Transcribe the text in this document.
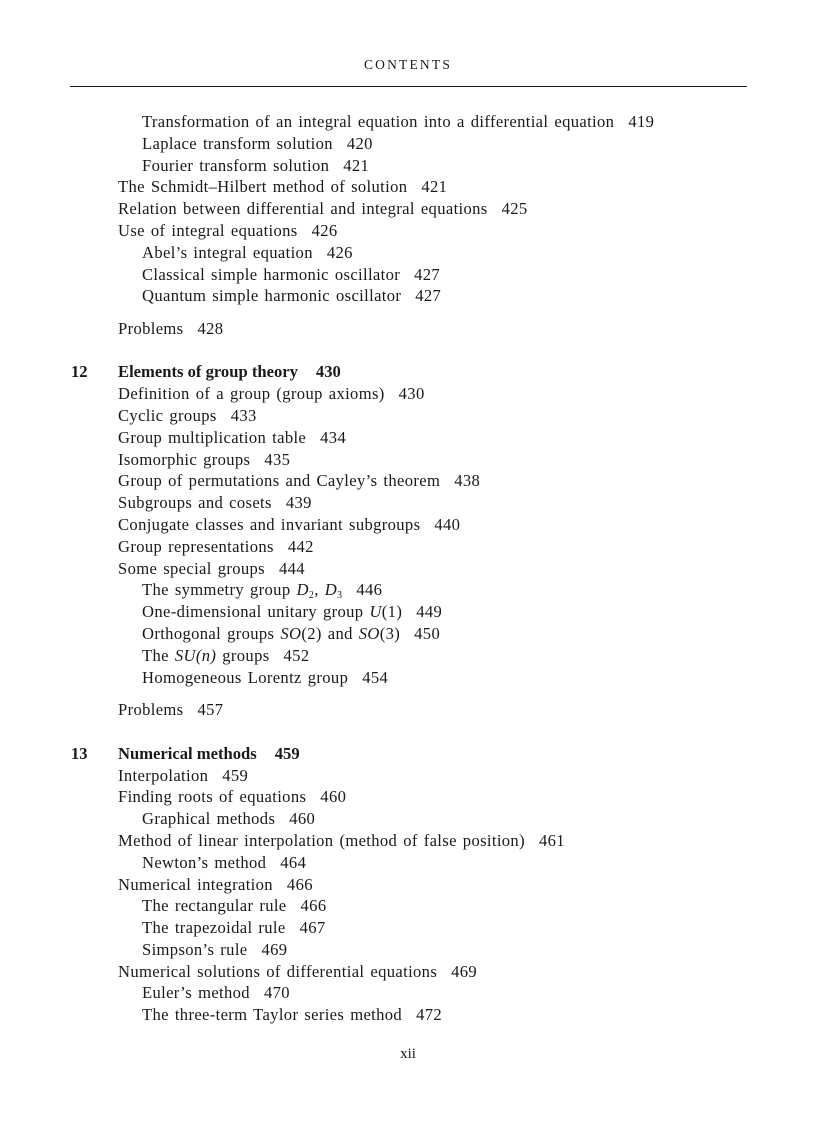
CONTENTS
Transformation of an integral equation into a differential equation 419
Laplace transform solution 420
Fourier transform solution 421
The Schmidt–Hilbert method of solution 421
Relation between differential and integral equations 425
Use of integral equations 426
Abel’s integral equation 426
Classical simple harmonic oscillator 427
Quantum simple harmonic oscillator 427
Problems 428
12 Elements of group theory 430
Definition of a group (group axioms) 430
Cyclic groups 433
Group multiplication table 434
Isomorphic groups 435
Group of permutations and Cayley’s theorem 438
Subgroups and cosets 439
Conjugate classes and invariant subgroups 440
Group representations 442
Some special groups 444
The symmetry group $D_2$, $D_3$ 446
One-dimensional unitary group U(1) 449
Orthogonal groups SO(2) and SO(3) 450
The SU(n) groups 452
Homogeneous Lorentz group 454
Problems 457
13 Numerical methods 459
Interpolation 459
Finding roots of equations 460
Graphical methods 460
Method of linear interpolation (method of false position) 461
Newton’s method 464
Numerical integration 466
The rectangular rule 466
The trapezoidal rule 467
Simpson’s rule 469
Numerical solutions of differential equations 469
Euler’s method 470
The three-term Taylor series method 472
xii
